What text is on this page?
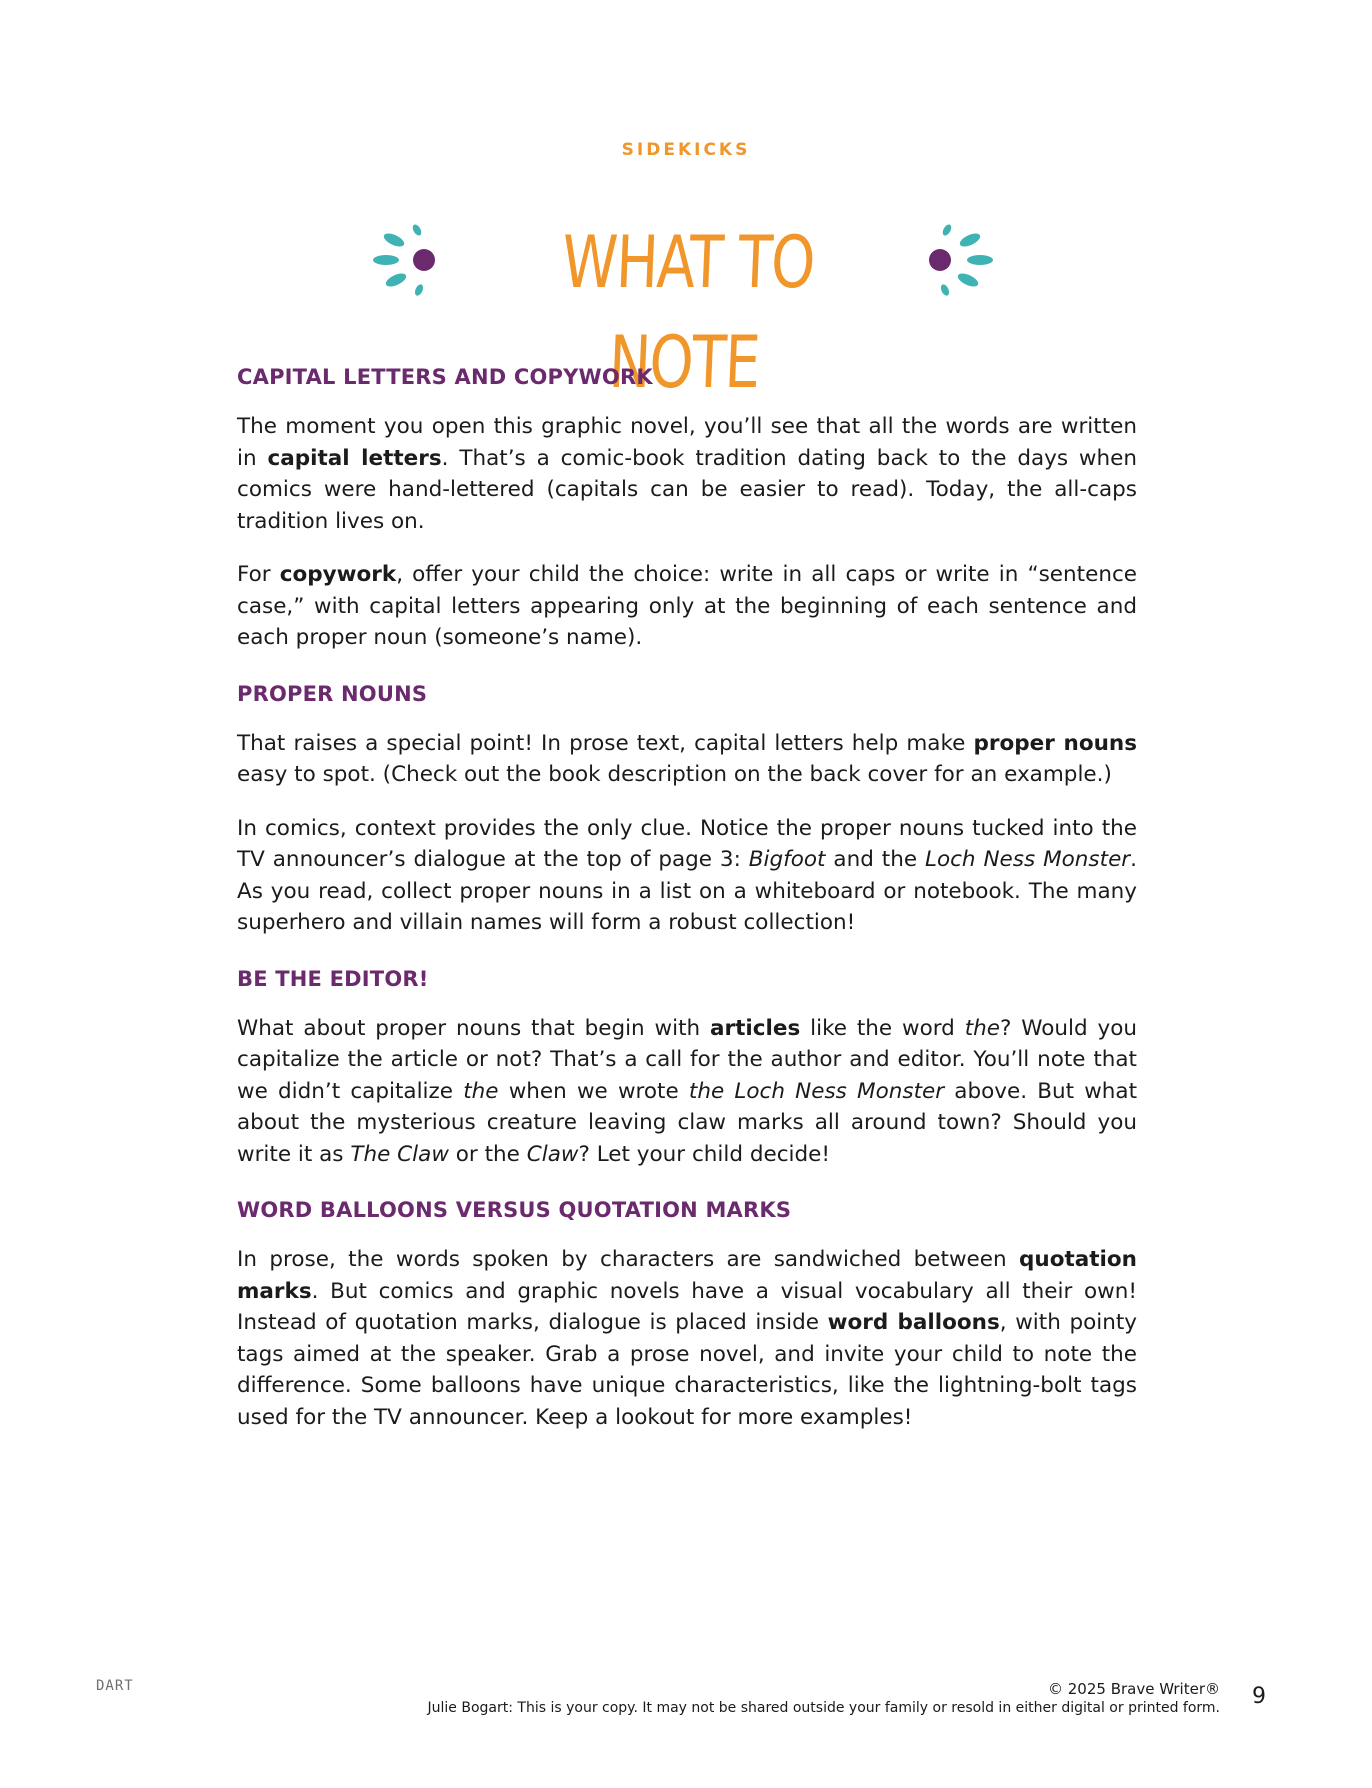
SIDEKICKS
WHAT TO NOTE
CAPITAL LETTERS AND COPYWORK

The moment you open this graphic novel, you’ll see that all the words are written in capital letters. That’s a comic-book tradition dating back to the days when comics were hand-lettered (capitals can be easier to read). Today, the all-caps tradition lives on.

For copywork, offer your child the choice: write in all caps or write in “sentence case,” with capital letters appearing only at the beginning of each sentence and each proper noun (someone’s name).

PROPER NOUNS

That raises a special point! In prose text, capital letters help make proper nouns easy to spot. (Check out the book description on the back cover for an example.)

In comics, context provides the only clue. Notice the proper nouns tucked into the TV announcer’s dialogue at the top of page 3: Bigfoot and the Loch Ness Monster. As you read, collect proper nouns in a list on a whiteboard or notebook. The many superhero and villain names will form a robust collection!

BE THE EDITOR!

What about proper nouns that begin with articles like the word the? Would you capitalize the article or not? That’s a call for the author and editor. You’ll note that we didn’t capitalize the when we wrote the Loch Ness Monster above. But what about the mysterious creature leaving claw marks all around town? Should you write it as The Claw or the Claw? Let your child decide!

WORD BALLOONS VERSUS QUOTATION MARKS

In prose, the words spoken by characters are sandwiched between quotation marks. But comics and graphic novels have a visual vocabulary all their own! Instead of quotation marks, dialogue is placed inside word balloons, with pointy tags aimed at the speaker. Grab a prose novel, and invite your child to note the difference. Some balloons have unique characteristics, like the lightning-bolt tags used for the TV announcer. Keep a lookout for more examples!

DART	© 2025 Brave Writer®
Julie Bogart: This is your copy. It may not be shared outside your family or resold in either digital or printed form. 9
